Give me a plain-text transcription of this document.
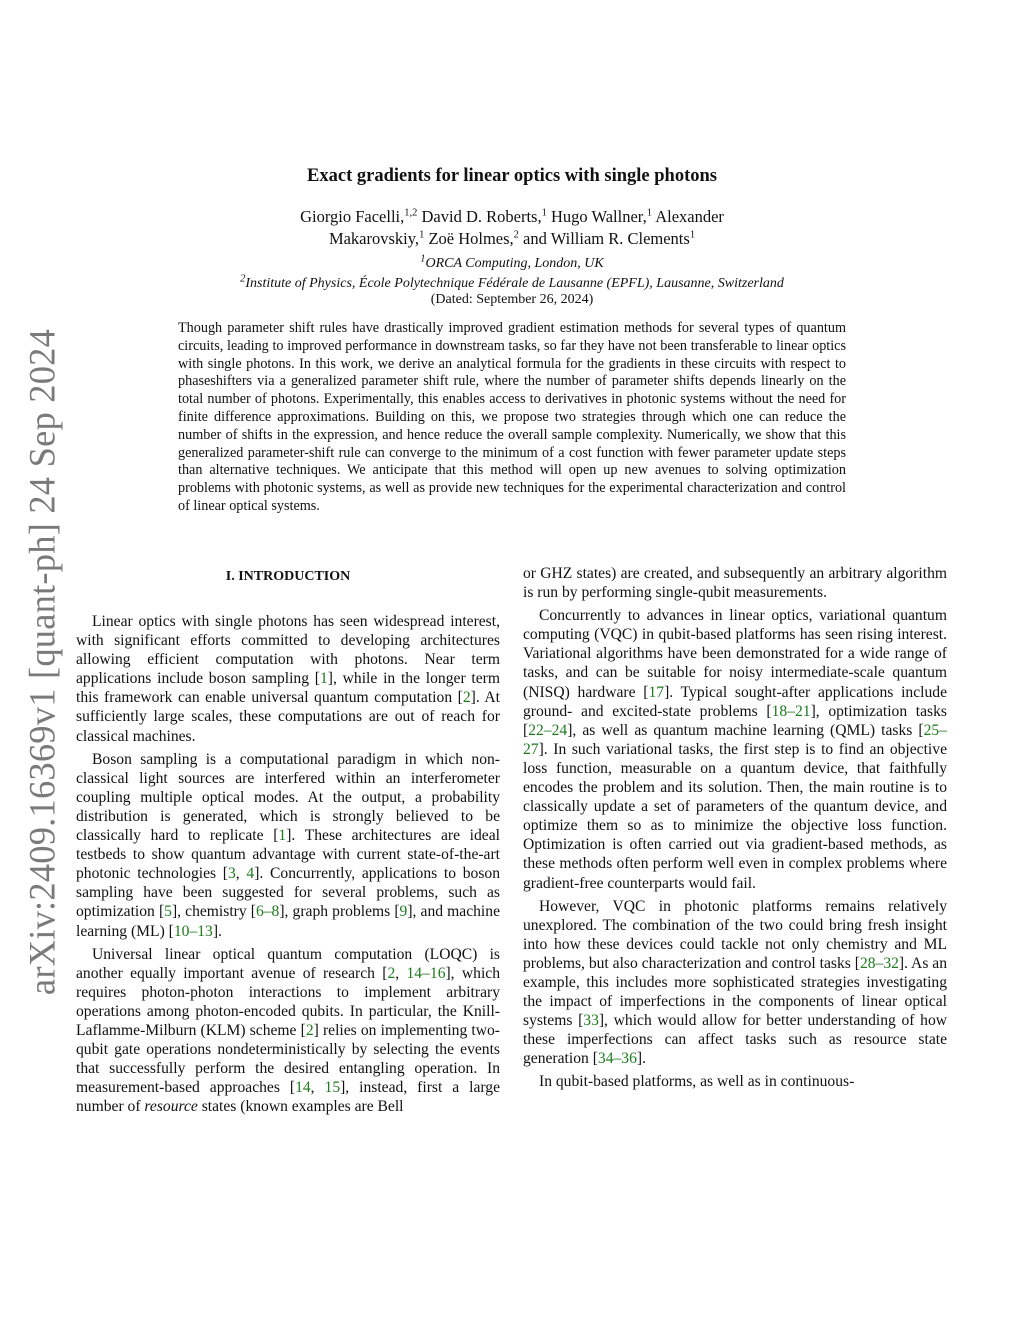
arXiv:2409.16369v1 [quant-ph] 24 Sep 2024
Exact gradients for linear optics with single photons
Giorgio Facelli,$^{1,2}$ David D. Roberts,$^1$ Hugo Wallner,$^1$ Alexander
Makarovskiy,$^1$ Zoë Holmes,$^2$ and William R. Clements$^1$
$^1$ORCA Computing, London, UK
$^2$Institute of Physics, École Polytechnique Fédérale de Lausanne (EPFL), Lausanne, Switzerland
(Dated: September 26, 2024)
Though parameter shift rules have drastically improved gradient estimation methods for several types of quantum circuits, leading to improved performance in downstream tasks, so far they have not been transferable to linear optics with single photons. In this work, we derive an analytical formula for the gradients in these circuits with respect to phaseshifters via a generalized parameter shift rule, where the number of parameter shifts depends linearly on the total number of photons. Experimentally, this enables access to derivatives in photonic systems without the need for finite difference approximations. Building on this, we propose two strategies through which one can reduce the number of shifts in the expression, and hence reduce the overall sample complexity. Numerically, we show that this generalized parameter-shift rule can converge to the minimum of a cost function with fewer parameter update steps than alternative techniques. We anticipate that this method will open up new avenues to solving optimization problems with photonic systems, as well as provide new techniques for the experimental characterization and control of linear optical systems.
I. INTRODUCTION

Linear optics with single photons has seen widespread interest, with significant efforts committed to developing architectures allowing efficient computation with photons. Near term applications include boson sampling [1], while in the longer term this framework can enable universal quantum computation [2]. At sufficiently large scales, these computations are out of reach for classical machines.

Boson sampling is a computational paradigm in which non-classical light sources are interfered within an interferometer coupling multiple optical modes. At the output, a probability distribution is generated, which is strongly believed to be classically hard to replicate [1]. These architectures are ideal testbeds to show quantum advantage with current state-of-the-art photonic technologies [3, 4]. Concurrently, applications to boson sampling have been suggested for several problems, such as optimization [5], chemistry [6–8], graph problems [9], and machine learning (ML) [10–13].

Universal linear optical quantum computation (LOQC) is another equally important avenue of research [2, 14–16], which requires photon-photon interactions to implement arbitrary operations among photon-encoded qubits. In particular, the Knill-Laflamme-Milburn (KLM) scheme [2] relies on implementing two-qubit gate operations nondeterministically by selecting the events that successfully perform the desired entangling operation. In measurement-based approaches [14, 15], instead, first a large number of resource states (known examples are Bell

or GHZ states) are created, and subsequently an arbitrary algorithm is run by performing single-qubit measurements.

Concurrently to advances in linear optics, variational quantum computing (VQC) in qubit-based platforms has seen rising interest. Variational algorithms have been demonstrated for a wide range of tasks, and can be suitable for noisy intermediate-scale quantum (NISQ) hardware [17]. Typical sought-after applications include ground- and excited-state problems [18–21], optimization tasks [22–24], as well as quantum machine learning (QML) tasks [25–27]. In such variational tasks, the first step is to find an objective loss function, measurable on a quantum device, that faithfully encodes the problem and its solution. Then, the main routine is to classically update a set of parameters of the quantum device, and optimize them so as to minimize the objective loss function. Optimization is often carried out via gradient-based methods, as these methods often perform well even in complex problems where gradient-free counterparts would fail.

However, VQC in photonic platforms remains relatively unexplored. The combination of the two could bring fresh insight into how these devices could tackle not only chemistry and ML problems, but also characterization and control tasks [28–32]. As an example, this includes more sophisticated strategies investigating the impact of imperfections in the components of linear optical systems [33], which would allow for better understanding of how these imperfections can affect tasks such as resource state generation [34–36].

In qubit-based platforms, as well as in continuous-
